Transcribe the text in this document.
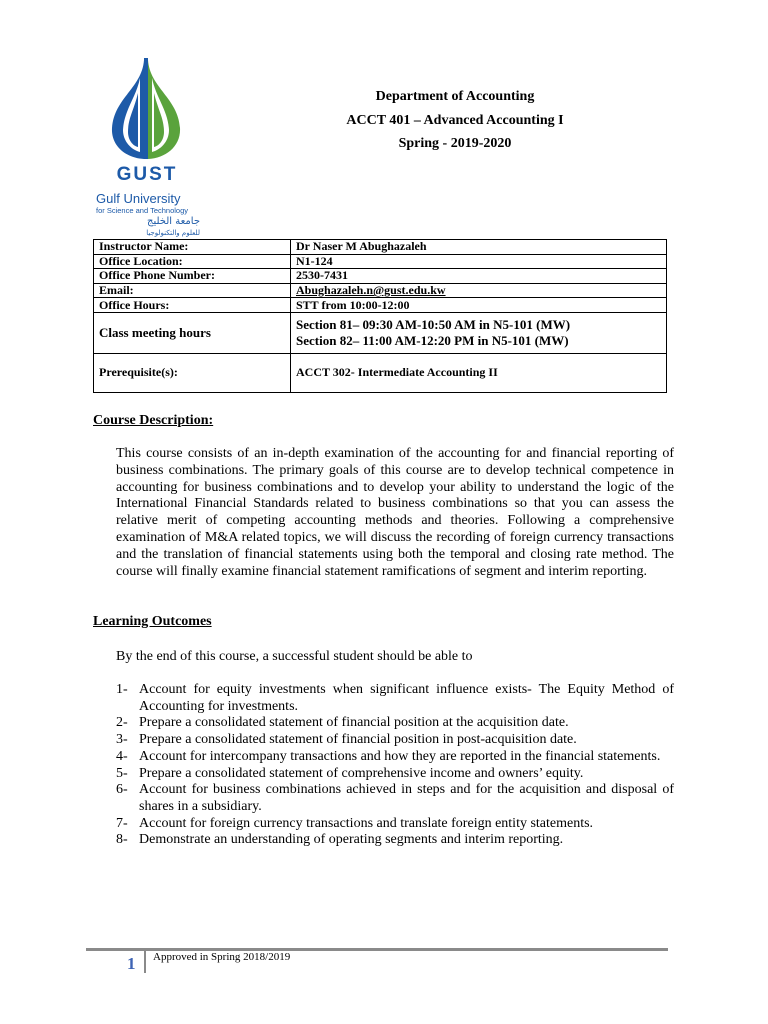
GUST
Gulf University
for Science and Technology
جامعة الخليج
للعلوم والتكنولوجيا
Department of Accounting
ACCT 401 – Advanced Accounting I
Spring - 2019-2020
Instructor Name:	Dr Naser M Abughazaleh
Office Location:	N1-124
Office Phone Number:	2530-7431
Email:	Abughazaleh.n@gust.edu.kw
Office Hours:	STT from 10:00-12:00
Class meeting hours	Section 81– 09:30 AM-10:50 AM in N5-101 (MW)
Section 82– 11:00 AM-12:20 PM in N5-101 (MW)

Prerequisite(s):	ACCT 302- Intermediate Accounting II
Course Description:

This course consists of an in-depth examination of the accounting for and financial reporting of business combinations. The primary goals of this course are to develop technical competence in accounting for business combinations and to develop your ability to understand the logic of the International Financial Standards related to business combinations so that you can assess the relative merit of competing accounting methods and theories. Following a comprehensive examination of M&A related topics, we will discuss the recording of foreign currency transactions and the translation of financial statements using both the temporal and closing rate method. The course will finally examine financial statement ramifications of segment and interim reporting.

Learning Outcomes
By the end of this course, a successful student should be able to
1- Account for equity investments when significant influence exists- The Equity Method of Accounting for investments.
2- Prepare a consolidated statement of financial position at the acquisition date.
3- Prepare a consolidated statement of financial position in post-acquisition date.
4- Account for intercompany transactions and how they are reported in the financial statements.
5- Prepare a consolidated statement of comprehensive income and owners’ equity.
6- Account for business combinations achieved in steps and for the acquisition and disposal of shares in a subsidiary.
7- Account for foreign currency transactions and translate foreign entity statements.
8- Demonstrate an understanding of operating segments and interim reporting.
1 Approved in Spring 2018/2019
